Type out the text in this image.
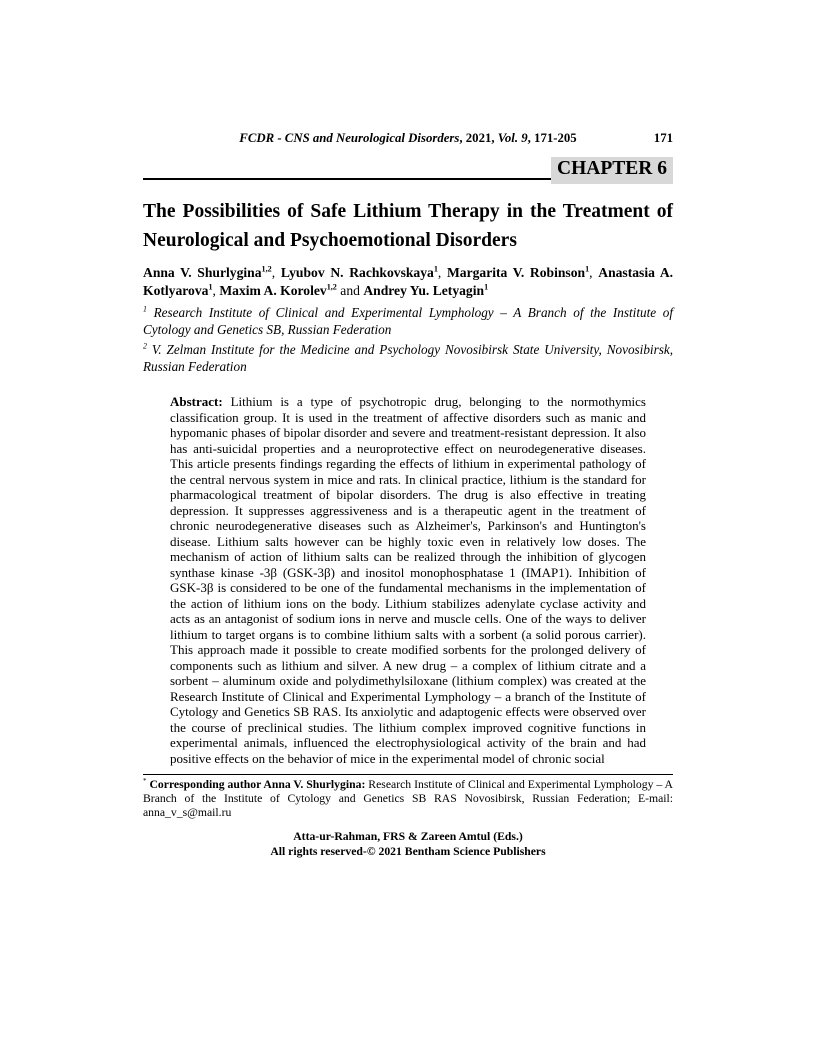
FCDR - CNS and Neurological Disorders, 2021, Vol. 9, 171-205	171
CHAPTER 6
The Possibilities of Safe Lithium Therapy in the Treatment of Neurological and Psychoemotional Disorders

Anna V. Shurlygina$^{1,2}$, Lyubov N. Rachkovskaya$^1$, Margarita V. Robinson$^1$, Anastasia A. Kotlyarova$^1$, Maxim A. Korolev$^{1,2}$ and Andrey Yu. Letyagin$^1$

$^1$ Research Institute of Clinical and Experimental Lymphology – A Branch of the Institute of Cytology and Genetics SB, Russian Federation

$^2$ V. Zelman Institute for the Medicine and Psychology Novosibirsk State University, Novosibirsk, Russian Federation

Abstract: Lithium is a type of psychotropic drug, belonging to the normothymics classification group. It is used in the treatment of affective disorders such as manic and hypomanic phases of bipolar disorder and severe and treatment-resistant depression. It also has anti-suicidal properties and a neuroprotective effect on neurodegenerative diseases. This article presents findings regarding the effects of lithium in experimental pathology of the central nervous system in mice and rats. In clinical practice, lithium is the standard for pharmacological treatment of bipolar disorders. The drug is also effective in treating depression. It suppresses aggressiveness and is a therapeutic agent in the treatment of chronic neurodegenerative diseases such as Alzheimer's, Parkinson's and Huntington's disease. Lithium salts however can be highly toxic even in relatively low doses. The mechanism of action of lithium salts can be realized through the inhibition of glycogen synthase kinase -3β (GSK-3β) and inositol monophosphatase 1 (IMAP1). Inhibition of GSK-3β is considered to be one of the fundamental mechanisms in the implementation of the action of lithium ions on the body. Lithium stabilizes adenylate cyclase activity and acts as an antagonist of sodium ions in nerve and muscle cells. One of the ways to deliver lithium to target organs is to combine lithium salts with a sorbent (a solid porous carrier). This approach made it possible to create modified sorbents for the prolonged delivery of components such as lithium and silver. A new drug – a complex of lithium citrate and a sorbent – aluminum oxide and polydimethylsiloxane (lithium complex) was created at the Research Institute of Clinical and Experimental Lymphology – a branch of the Institute of Cytology and Genetics SB RAS. Its anxiolytic and adaptogenic effects were observed over the course of preclinical studies. The lithium complex improved cognitive functions in experimental animals, influenced the electrophysiological activity of the brain and had positive effects on the behavior of mice in the experimental model of chronic social

* Corresponding author Anna V. Shurlygina: Research Institute of Clinical and Experimental Lymphology – A Branch of the Institute of Cytology and Genetics SB RAS Novosibirsk, Russian Federation; E-mail: anna_v_s@mail.ru

Atta-ur-Rahman, FRS & Zareen Amtul (Eds.)

All rights reserved-© 2021 Bentham Science Publishers
